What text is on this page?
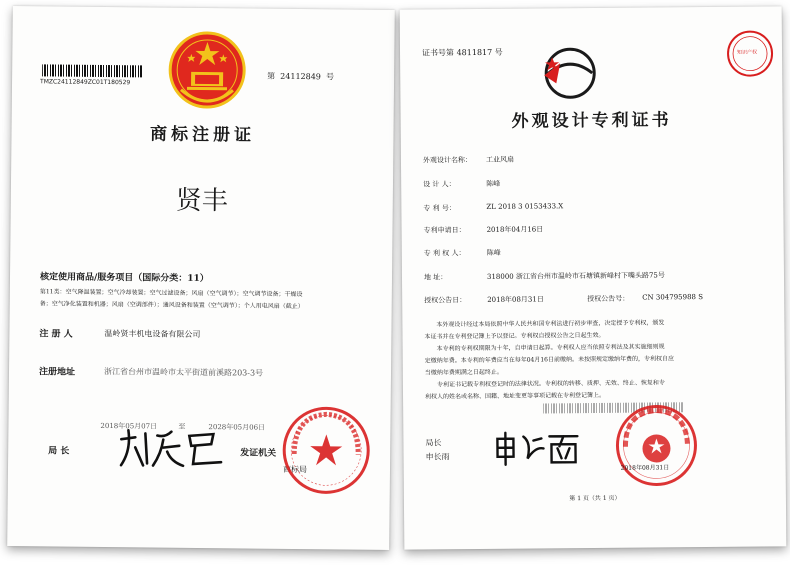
TMZC24112849ZC01T180529
第 24112849 号
商标注册证
贤丰
核定使用商品/服务项目（国际分类：11）
第11类：空气降温装置；空气冷却装置；空气过滤设备；风扇（空气调节）；空气调节设备；干燥设
备；空气净化装置和机器；风扇（空调部件）；通风设备和装置（空气调节）；个人用电风扇（截止）
注 册 人	温岭贤丰机电设备有限公司
注册地址	浙江省台州市温岭市太平街道前溪路203-3号
2018年05月07日	至	2028年05月06日
局 长	发证机关
商标局
证书号第 4811817 号	知识产权
外观设计专利证书
外观设计名称： 工业风扇
设 计 人：	陈峰
专 利 号：	ZL 2018 3 0153433.X
专利申请日：	2018年04月16日
专 利 权 人：	陈峰
地 址：	318000 浙江省台州市温岭市石塘镇新峰村下嘴头路75号
授权公告日：	2018年08月31日	授权公告号： CN 304795988 S
本外观设计经过本局依照中华人民共和国专利法进行初步审查，决定授予专利权，颁发
本证书并在专利登记簿上予以登记。专利权自授权公告之日起生效。
本专利的专利权期限为十年，自申请日起算。专利权人应当依照专利法及其实施细则规
定缴纳年费。本专利的年费应当在每年04月16日前缴纳。未按照规定缴纳年费的，专利权自应
当缴纳年费期满之日起终止。
专利证书记载专利权登记时的法律状况。专利权的转移、质押、无效、终止、恢复和专
利权人的姓名或名称、国籍、地址变更等事项记载在专利登记簿上。
局长
申长雨
2018年08月31日
第 1 页（共 1 页）
